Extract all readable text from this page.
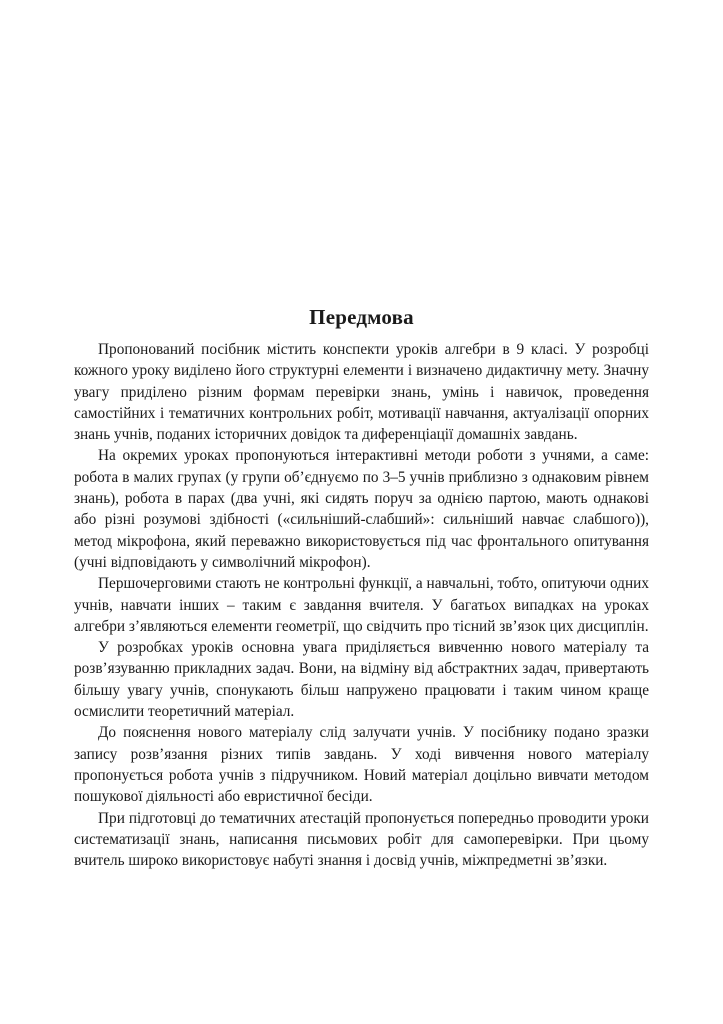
Передмова

Пропонований посібник містить конспекти уроків алгебри в 9 класі. У розробці кожного уроку виділено його структурні елементи і визначено дидактичну мету. Значну увагу приділено різним формам перевірки знань, умінь і навичок, проведення самостійних і тематичних контрольних робіт, мотивації навчання, актуалізації опорних знань учнів, поданих історичних довідок та диференціації домашніх завдань.

На окремих уроках пропонуються інтерактивні методи роботи з учнями, а саме: робота в малих групах (у групи об’єднуємо по 3–5 учнів приблизно з однаковим рівнем знань), робота в парах (два учні, які сидять поруч за однією партою, мають однакові або різні розумові здібності («сильніший-слабший»: сильніший навчає слабшого)), метод мікрофона, який переважно використовується під час фронтального опитування (учні відповідають у символічний мікрофон).

Першочерговими стають не контрольні функції, а навчальні, тобто, опитуючи одних учнів, навчати інших – таким є завдання вчителя. У багатьох випадках на уроках алгебри з’являються елементи геометрії, що свідчить про тісний зв’язок цих дисциплін.

У розробках уроків основна увага приділяється вивченню нового матеріалу та розв’язуванню прикладних задач. Вони, на відміну від абстрактних задач, привертають більшу увагу учнів, спонукають більш напружено працювати і таким чином краще осмислити теоретичний матеріал.

До пояснення нового матеріалу слід залучати учнів. У посібнику подано зразки запису розв’язання різних типів завдань. У ході вивчення нового матеріалу пропонується робота учнів з підручником. Новий матеріал доцільно вивчати методом пошукової діяльності або евристичної бесіди.

При підготовці до тематичних атестацій пропонується попередньо проводити уроки систематизації знань, написання письмових робіт для самоперевірки. При цьому вчитель широко використовує набуті знання і досвід учнів, міжпредметні зв’язки.
